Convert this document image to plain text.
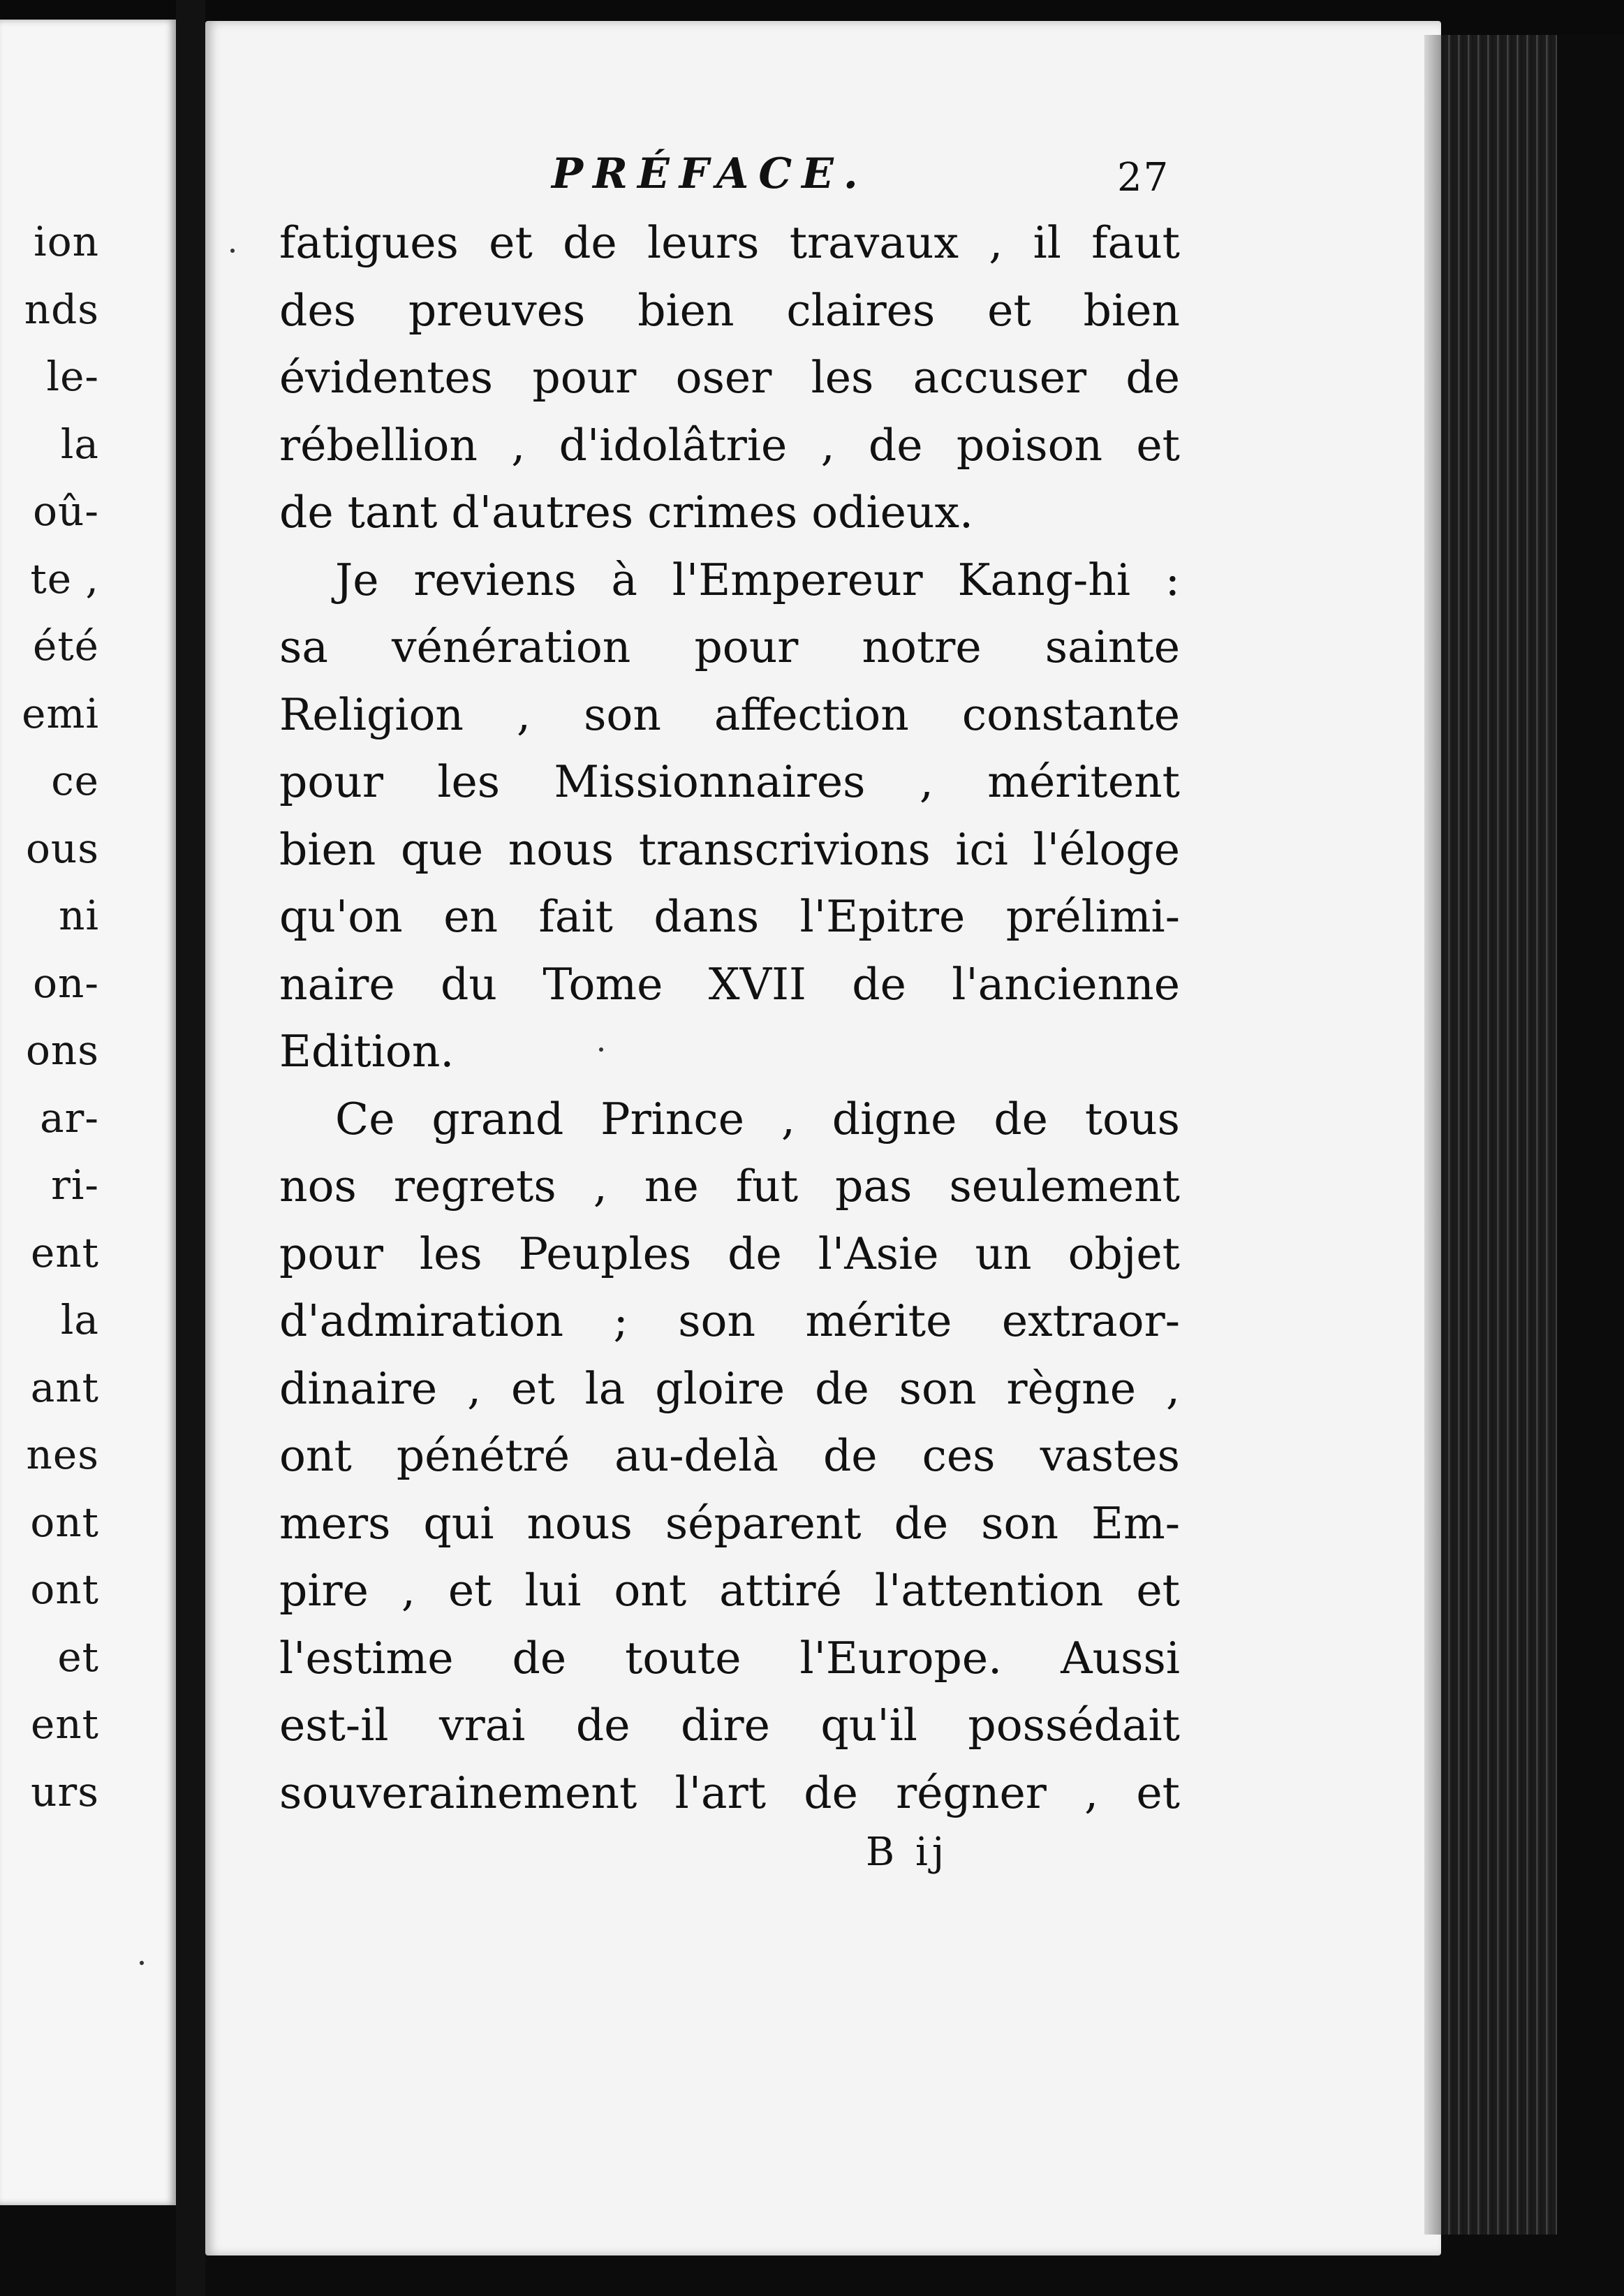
ion
nds
le-
la
oû-
te ,
été
emi
ce
ous
ni
on-
ons
ar-
ri-
ent
la
ant
nes
ont
ont
et
ent
urs
PRÉFACE.	27
fatigues et de leurs travaux , il faut
des preuves bien claires et bien
évidentes pour oser les accuser de
rébellion , d'idolâtrie , de poison et
de tant d'autres crimes odieux.
Je reviens à l'Empereur Kang-hi :
sa vénération pour notre sainte
Religion , son affection constante
pour les Missionnaires , méritent
bien que nous transcrivions ici l'éloge
qu'on en fait dans l'Epitre prélimi-
naire du Tome XVII de l'ancienne
Edition.
Ce grand Prince , digne de tous
nos regrets , ne fut pas seulement
pour les Peuples de l'Asie un objet
d'admiration ; son mérite extraor-
dinaire , et la gloire de son règne ,
ont pénétré au-delà de ces vastes
mers qui nous séparent de son Em-
pire , et lui ont attiré l'attention et
l'estime de toute l'Europe. Aussi
est-il vrai de dire qu'il possédait
souverainement l'art de régner , et
B ij
